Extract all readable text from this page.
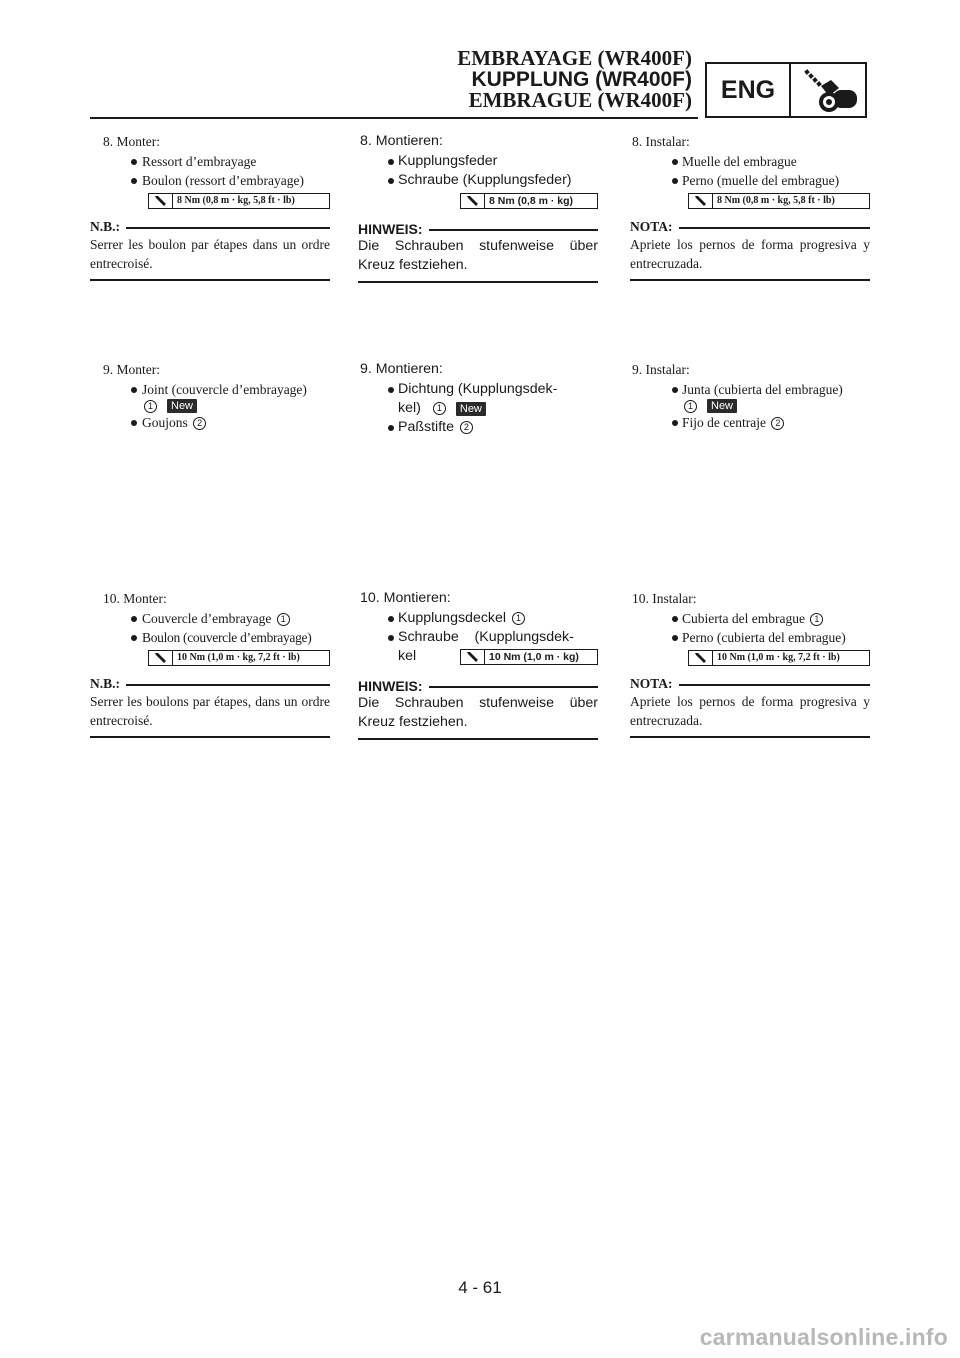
EMBRAYAGE (WR400F)
KUPPLUNG (WR400F)
EMBRAGUE (WR400F)	ENG
8. Monter:
Ressort d’embrayage
Boulon (ressort d’embrayage)
8 Nm (0,8 m · kg, 5,8 ft · lb)
N.B.:
Serrer les boulon par étapes dans un ordre entrecroisé.
8. Montieren:
Kupplungsfeder
Schraube (Kupplungsfeder)
8 Nm (0,8 m · kg)
HINWEIS:
Die Schrauben stufenweise über Kreuz festziehen.
8. Instalar:
Muelle del embrague
Perno (muelle del embrague)
8 Nm (0,8 m · kg, 5,8 ft · lb)
NOTA:
Apriete los pernos de forma progresiva y entrecruzada.
9. Monter:
Joint (couvercle d’embrayage)
1	New
Goujons 2
9. Montieren:
Dichtung (Kupplungsdek-
kel)	1	New
Paßstifte 2
9. Instalar:
Junta (cubierta del embrague)
1	New
Fijo de centraje 2
10. Monter:
Couvercle d’embrayage 1
Boulon (couvercle d’embrayage)
10 Nm (1,0 m · kg, 7,2 ft · lb)
N.B.:
Serrer les boulons par étapes, dans un ordre entrecroisé.
10. Montieren:
Kupplungsdeckel 1
Schraube    (Kupplungsdek-
kel	10 Nm (1,0 m · kg)
HINWEIS:
Die Schrauben stufenweise über Kreuz festziehen.
10. Instalar:
Cubierta del embrague 1
Perno (cubierta del embrague)
10 Nm (1,0 m · kg, 7,2 ft · lb)
NOTA:
Apriete los pernos de forma progresiva y entrecruzada.
4 - 61
carmanualsonline.info
